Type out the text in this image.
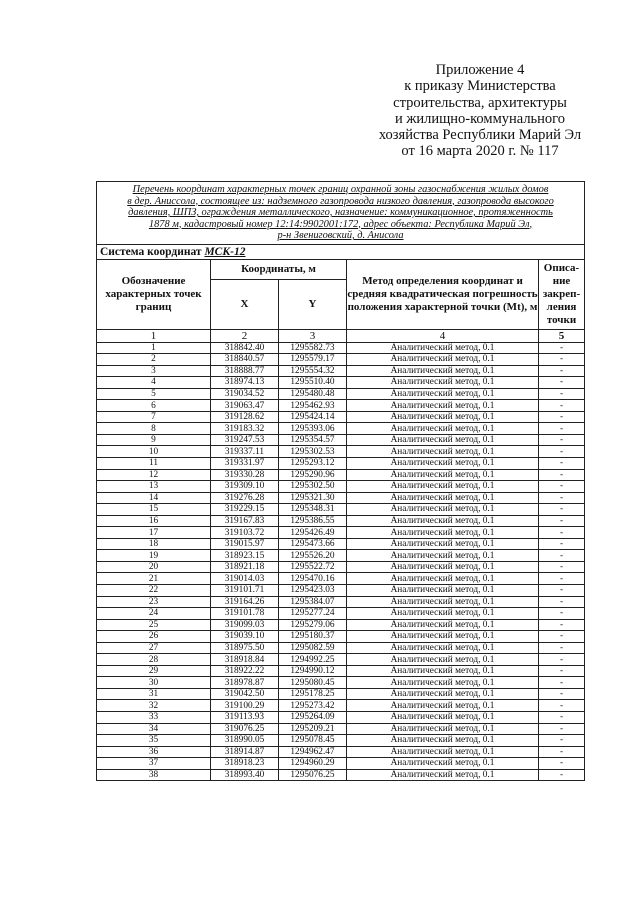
Приложение 4
к приказу Министерства
строительства, архитектуры
и жилищно-коммунального
хозяйства Республики Марий Эл
от 16 марта 2020 г. № 117
Перечень координат характерных точек границ охранной зоны газоснабжения жилых домов
в дер. Анисcола, состоящее из: надземного газопровода низкого давления, газопровода высокого
давления, ШПЗ, ограждения металлического, назначение: коммуникационное, протяженность
1878 м, кадастровый номер 12:14:9902001:172, адрес объекта: Республика Марий Эл,
р-н Звениговский, д. Анисола				

Система координат МСК-12				
Обозначение характерных точек границ	Координаты, м		Метод определения координат и средняя квадратическая погрешность положения характерной точки (Mt), м	Описа-ние закреп-ления точки
	X	Y		
1	2	3	4	5
1	318842.40	1295582.73	Аналитический метод, 0.1	-
2	318840.57	1295579.17	Аналитический метод, 0.1	-
3	318888.77	1295554.32	Аналитический метод, 0.1	-
4	318974.13	1295510.40	Аналитический метод, 0.1	-
5	319034.52	1295480.48	Аналитический метод, 0.1	-
6	319063.47	1295462.93	Аналитический метод, 0.1	-
7	319128.62	1295424.14	Аналитический метод, 0.1	-
8	319183.32	1295393.06	Аналитический метод, 0.1	-
9	319247.53	1295354.57	Аналитический метод, 0.1	-
10	319337.11	1295302.53	Аналитический метод, 0.1	-
11	319331.97	1295293.12	Аналитический метод, 0.1	-
12	319330.28	1295290.96	Аналитический метод, 0.1	-
13	319309.10	1295302.50	Аналитический метод, 0.1	-
14	319276.28	1295321.30	Аналитический метод, 0.1	-
15	319229.15	1295348.31	Аналитический метод, 0.1	-
16	319167.83	1295386.55	Аналитический метод, 0.1	-
17	319103.72	1295426.49	Аналитический метод, 0.1	-
18	319015.97	1295473.66	Аналитический метод, 0.1	-
19	318923.15	1295526.20	Аналитический метод, 0.1	-
20	318921.18	1295522.72	Аналитический метод, 0.1	-
21	319014.03	1295470.16	Аналитический метод, 0.1	-
22	319101.71	1295423.03	Аналитический метод, 0.1	-
23	319164.26	1295384.07	Аналитический метод, 0.1	-
24	319101.78	1295277.24	Аналитический метод, 0.1	-
25	319099.03	1295279.06	Аналитический метод, 0.1	-
26	319039.10	1295180.37	Аналитический метод, 0.1	-
27	318975.50	1295082.59	Аналитический метод, 0.1	-
28	318918.84	1294992.25	Аналитический метод, 0.1	-
29	318922.22	1294990.12	Аналитический метод, 0.1	-
30	318978.87	1295080.45	Аналитический метод, 0.1	-
31	319042.50	1295178.25	Аналитический метод, 0.1	-
32	319100.29	1295273.42	Аналитический метод, 0.1	-
33	319113.93	1295264.09	Аналитический метод, 0.1	-
34	319076.25	1295209.21	Аналитический метод, 0.1	-
35	318990.05	1295078.45	Аналитический метод, 0.1	-
36	318914.87	1294962.47	Аналитический метод, 0.1	-
37	318918.23	1294960.29	Аналитический метод, 0.1	-
38	318993.40	1295076.25	Аналитический метод, 0.1	-
